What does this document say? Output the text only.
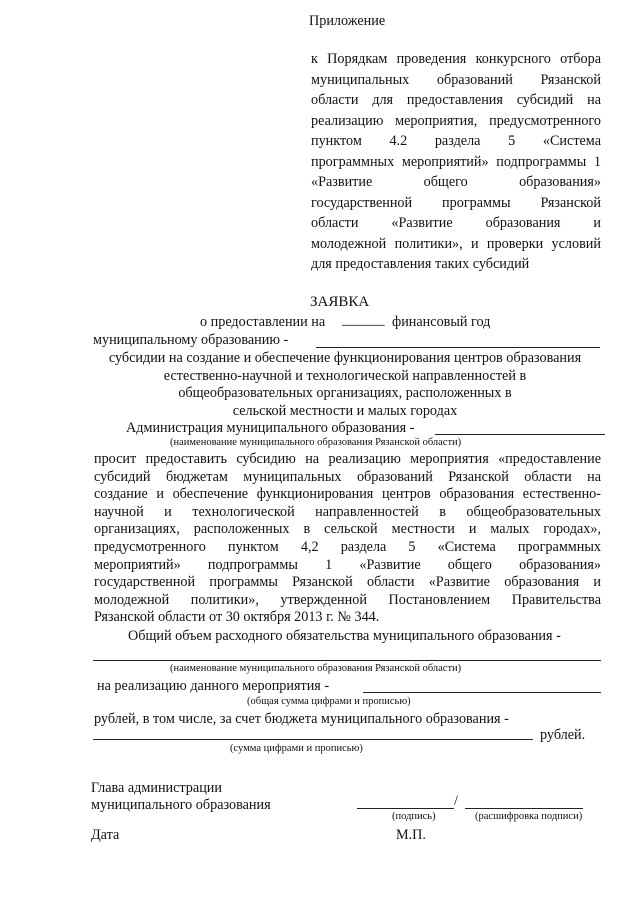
Приложение
к Порядкам проведения конкурсного отбора
муниципальных образований Рязанской
области для предоставления субсидий на
реализацию мероприятия, предусмотренного
пунктом 4.2 раздела 5 «Система
программных мероприятий» подпрограммы 1
«Развитие общего образования»
государственной программы Рязанской
области «Развитие образования и
молодежной политики», и проверки условий
для предоставления таких субсидий
ЗАЯВКА
о предоставлении на ______ финансовый год
муниципальному образованию -
субсидии на создание и обеспечение функционирования центров образования
естественно-научной и технологической направленностей в
общеобразовательных организациях, расположенных в
сельской местности и малых городах
Администрация муниципального образования -
(наименование муниципального образования Рязанской области)
просит предоставить субсидию на реализацию мероприятия «предоставление
субсидий бюджетам муниципальных образований Рязанской области на
создание и обеспечение функционирования центров образования естественно-
научной и технологической направленностей в общеобразовательных
организациях, расположенных в сельской местности и малых городах»,
предусмотренного пунктом 4,2 раздела 5 «Система программных
мероприятий» подпрограммы 1 «Развитие общего образования»
государственной программы Рязанской области «Развитие образования и
молодежной политики», утвержденной Постановлением Правительства
Рязанской области от 30 октября 2013 г. № 344.
Общий объем расходного обязательства муниципального образования -
(наименование муниципального образования Рязанской области)
на реализацию данного мероприятия -
(общая сумма цифрами и прописью)
рублей, в том числе, за счет бюджета муниципального образования -
рублей.
(сумма цифрами и прописью)
Глава администрации
муниципального образования	/
(подпись)	(расшифровка подписи)
Дата	М.П.
